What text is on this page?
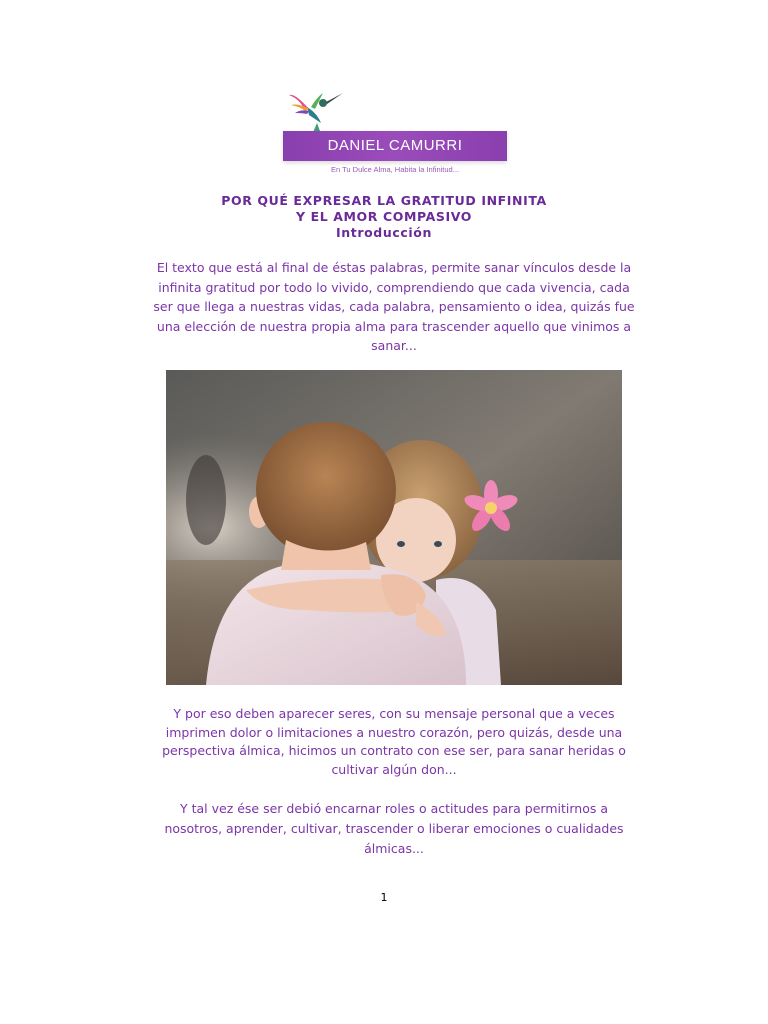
DANIEL CAMURRI
En Tu Dulce Alma, Habita la Infinitud...
POR QUÉ EXPRESAR LA GRATITUD INFINITA
Y EL AMOR COMPASIVO
Introducción
El texto que está al final de éstas palabras, permite sanar vínculos desde la
infinita gratitud por todo lo vivido, comprendiendo que cada vivencia, cada
ser que llega a nuestras vidas, cada palabra, pensamiento o idea, quizás fue
una elección de nuestra propia alma para trascender aquello que vinimos a
sanar...
Y por eso deben aparecer seres, con su mensaje personal que a veces
imprimen dolor o limitaciones a nuestro corazón, pero quizás, desde una
perspectiva álmica, hicimos un contrato con ese ser, para sanar heridas o
cultivar algún don...
Y tal vez ése ser debió encarnar roles o actitudes para permitirnos a
nosotros, aprender, cultivar, trascender o liberar emociones o cualidades
álmicas...
1
